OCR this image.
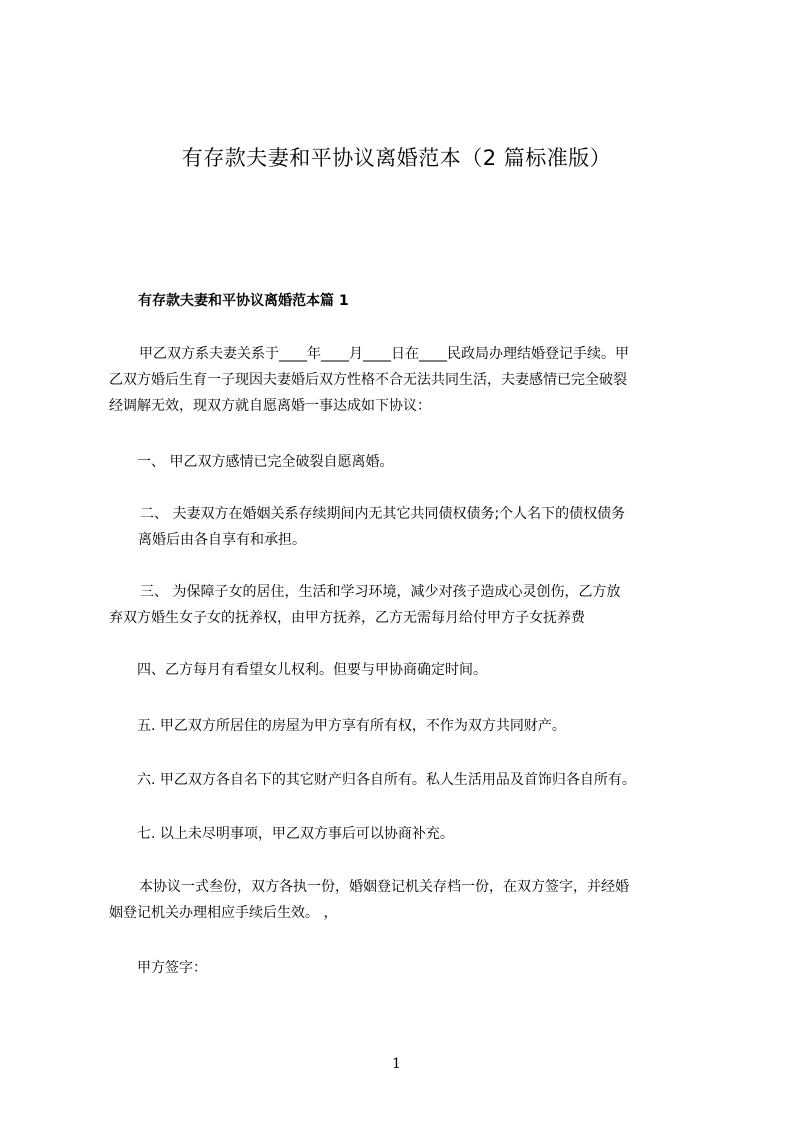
有存款夫妻和平协议离婚范本（2 篇标准版）
有存款夫妻和平协议离婚范本篇 1
甲乙双方系夫妻关系于____年____月____日在____民政局办理结婚登记手续。甲
乙双方婚后生育一子现因夫妻婚后双方性格不合无法共同生活，夫妻感情已完全破裂
经调解无效，现双方就自愿离婚一事达成如下协议：
一、 甲乙双方感情已完全破裂自愿离婚。
二、 夫妻双方在婚姻关系存续期间内无其它共同债权债务;个人名下的债权债务
离婚后由各自享有和承担。
三、 为保障子女的居住，生活和学习环境，减少对孩子造成心灵创伤，乙方放
弃双方婚生女子女的抚养权，由甲方抚养，乙方无需每月给付甲方子女抚养费
四、乙方每月有看望女儿权利。但要与甲协商确定时间。
五. 甲乙双方所居住的房屋为甲方享有所有权，不作为双方共同财产。
六. 甲乙双方各自名下的其它财产归各自所有。私人生活用品及首饰归各自所有。
七. 以上未尽明事项，甲乙双方事后可以协商补充。
本协议一式叁份，双方各执一份，婚姻登记机关存档一份，在双方签字，并经婚
姻登记机关办理相应手续后生效。 ，
甲方签字：
1
